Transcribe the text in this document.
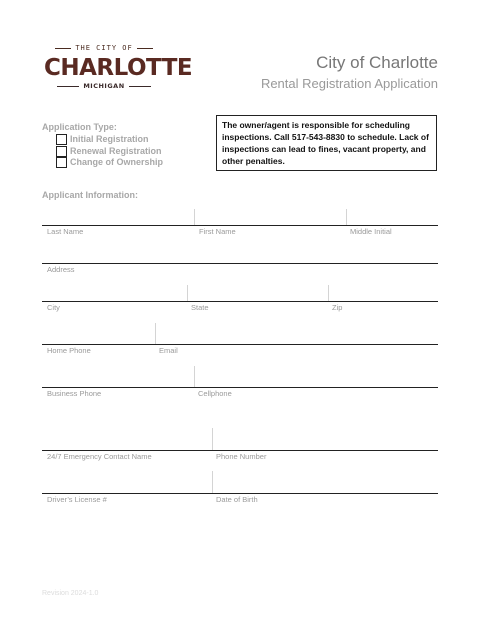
THE CITY OF
CHARLOTTE
MICHIGAN
City of Charlotte
Rental Registration Application
Application Type:
Initial Registration
Renewal Registration
Change of Ownership
The owner/agent is responsible for scheduling inspections. Call 517-543-8830 to schedule. Lack of inspections can lead to fines, vacant property, and other penalties.
Applicant Information:
Last Name	First Name	Middle Initial
Address
City	State	Zip
Home Phone	Email
Business Phone	Cellphone
24/7 Emergency Contact Name	Phone Number
Driver’s License #	Date of Birth
Revision 2024-1.0
